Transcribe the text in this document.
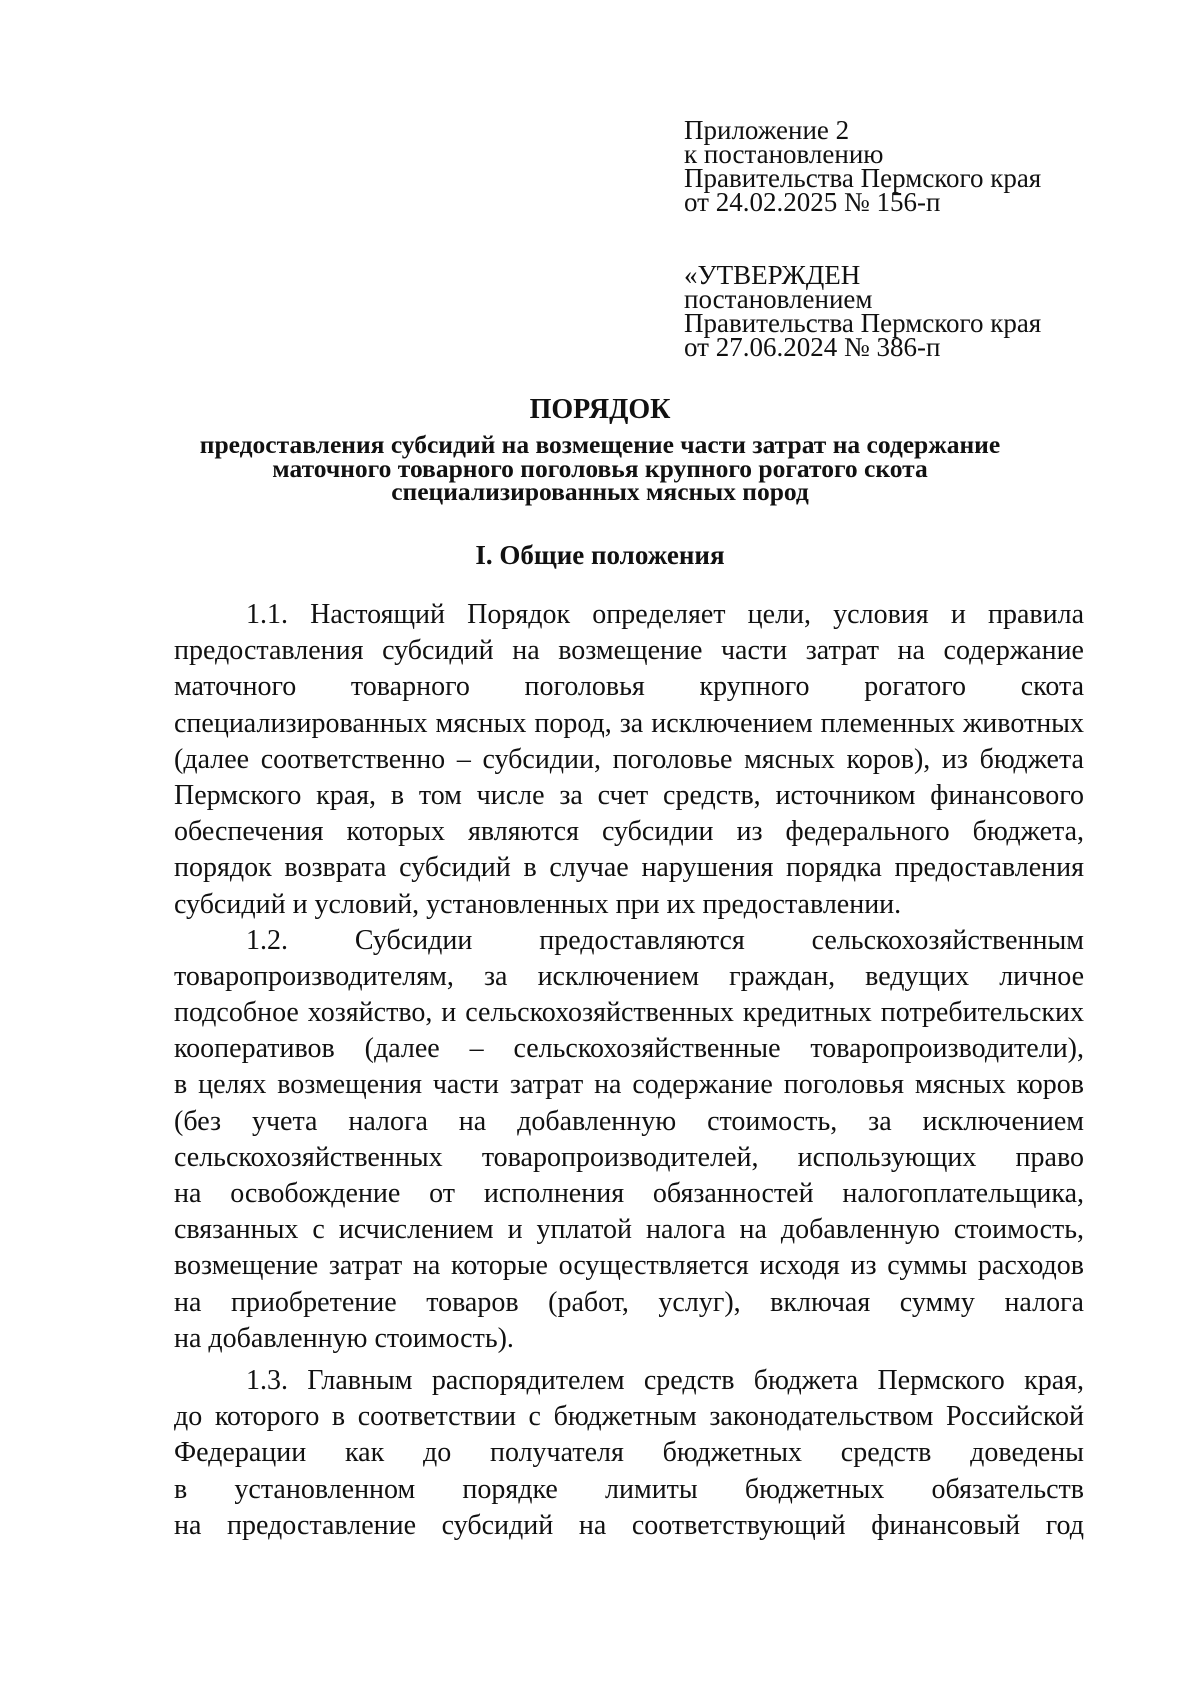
Приложение 2
к постановлению
Правительства Пермского края
от 24.02.2025 № 156-п
«УТВЕРЖДЕН
постановлением
Правительства Пермского края
от 27.06.2024 № 386-п
ПОРЯДОК
предоставления субсидий на возмещение части затрат на содержание
маточного товарного поголовья крупного рогатого скота
специализированных мясных пород
I. Общие положения
1.1. Настоящий Порядок определяет цели, условия и правила
предоставления субсидий на возмещение части затрат на содержание
маточного товарного поголовья крупного рогатого скота
специализированных мясных пород, за исключением племенных животных
(далее соответственно – субсидии, поголовье мясных коров), из бюджета
Пермского края, в том числе за счет средств, источником финансового
обеспечения которых являются субсидии из федерального бюджета,
порядок возврата субсидий в случае нарушения порядка предоставления
субсидий и условий, установленных при их предоставлении.
1.2. Субсидии предоставляются сельскохозяйственным
товаропроизводителям, за исключением граждан, ведущих личное
подсобное хозяйство, и сельскохозяйственных кредитных потребительских
кооперативов (далее – сельскохозяйственные товаропроизводители),
в целях возмещения части затрат на содержание поголовья мясных коров
(без учета налога на добавленную стоимость, за исключением
сельскохозяйственных товаропроизводителей, использующих право
на освобождение от исполнения обязанностей налогоплательщика,
связанных с исчислением и уплатой налога на добавленную стоимость,
возмещение затрат на которые осуществляется исходя из суммы расходов
на приобретение товаров (работ, услуг), включая сумму налога
на добавленную стоимость).
1.3. Главным распорядителем средств бюджета Пермского края,
до которого в соответствии с бюджетным законодательством Российской
Федерации как до получателя бюджетных средств доведены
в установленном порядке лимиты бюджетных обязательств
на предоставление субсидий на соответствующий финансовый год
